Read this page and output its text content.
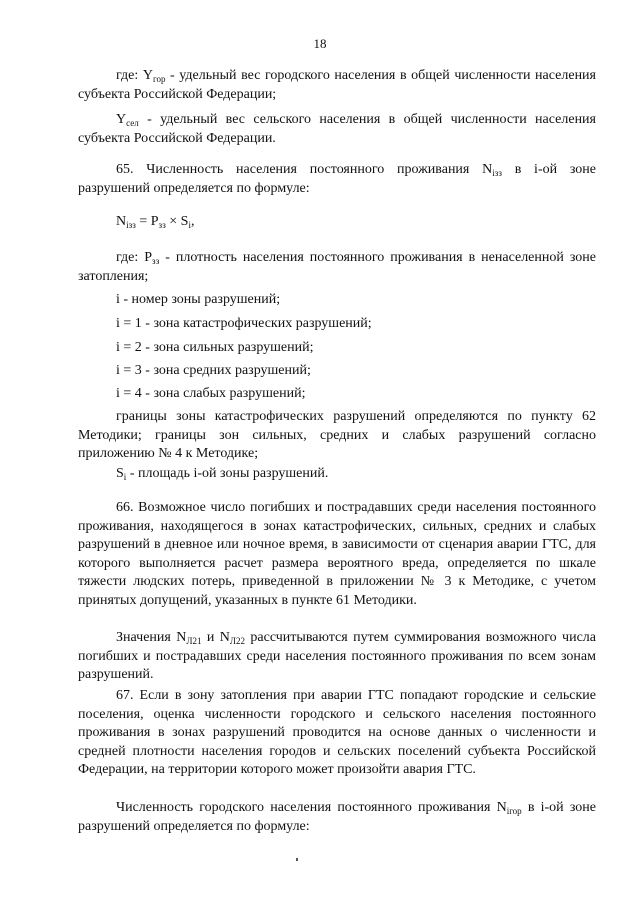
18

где: $Y_{гор}$ - удельный вес городского населения в общей численности населения субъекта Российской Федерации;

$Y_{сел}$ - удельный вес сельского населения в общей численности населения субъекта Российской Федерации.

65. Численность населения постоянного проживания $N_{iзз}$ в i-ой зоне разрушений определяется по формуле:

$N_{iзз} = P_{зз} \times S_i$,

где: $P_{зз}$ - плотность населения постоянного проживания в ненаселенной зоне затопления;

i - номер зоны разрушений;

i = 1 - зона катастрофических разрушений;

i = 2 - зона сильных разрушений;

i = 3 - зона средних разрушений;

i = 4 - зона слабых разрушений;

границы зоны катастрофических разрушений определяются по пункту 62 Методики; границы зон сильных, средних и слабых разрушений согласно приложению № 4 к Методике;

$S_i$ - площадь i-ой зоны разрушений.

66. Возможное число погибших и пострадавших среди населения постоянного проживания, находящегося в зонах катастрофических, сильных, средних и слабых разрушений в дневное или ночное время, в зависимости от сценария аварии ГТС, для которого выполняется расчет размера вероятного вреда, определяется по шкале тяжести людских потерь, приведенной в приложении № 3 к Методике, с учетом принятых допущений, указанных в пункте 61 Методики.

Значения $N_{Л21}$ и $N_{Л22}$ рассчитываются путем суммирования возможного числа погибших и пострадавших среди населения постоянного проживания по всем зонам разрушений.

67. Если в зону затопления при аварии ГТС попадают городские и сельские поселения, оценка численности городского и сельского населения постоянного проживания в зонах разрушений проводится на основе данных о численности и средней плотности населения городов и сельских поселений субъекта Российской Федерации, на территории которого может произойти авария ГТС.

Численность городского населения постоянного проживания $N_{iгор}$ в i-ой зоне разрушений определяется по формуле:
